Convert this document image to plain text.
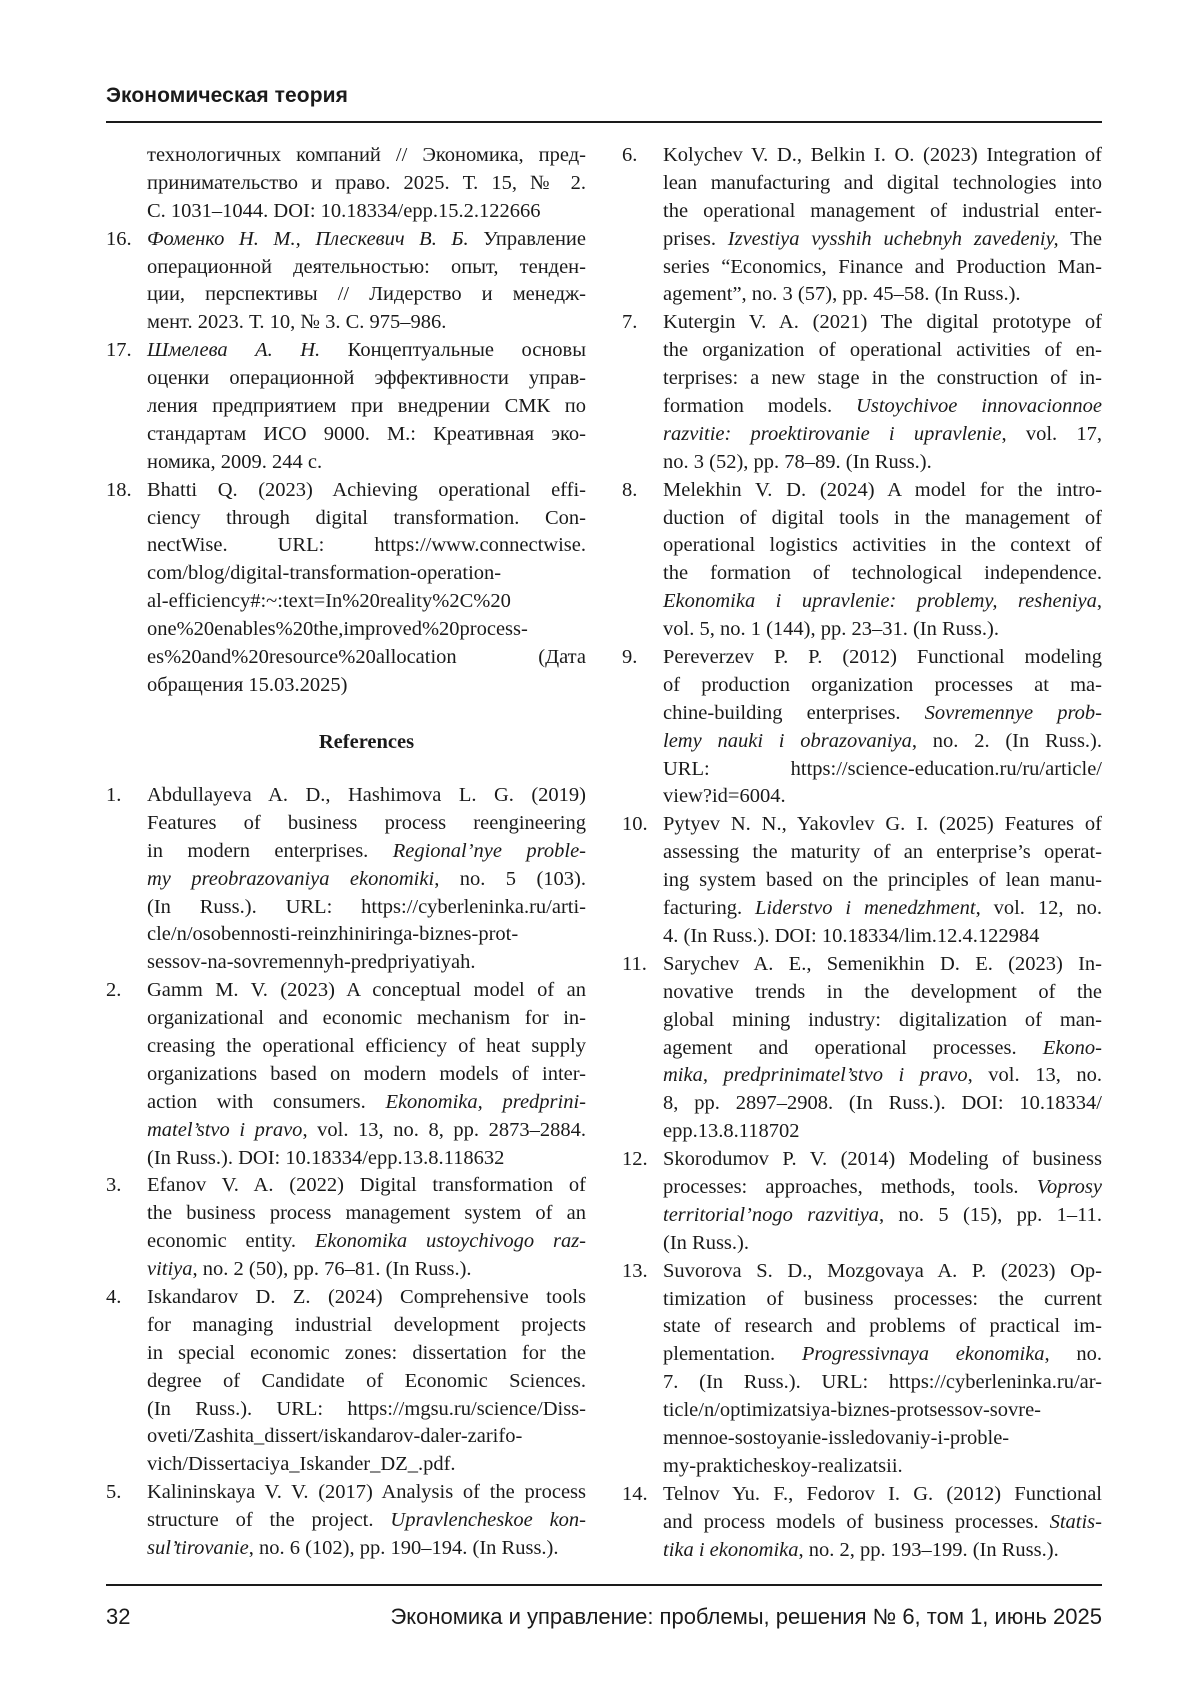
Экономическая теория
технологичных компаний // Экономика, пред-
принимательство и право. 2025. Т. 15, № 2.
С. 1031–1044. DOI: 10.18334/epp.15.2.122666
16. Фоменко Н. М., Плескевич В. Б. Управление
операционной деятельностью: опыт, тенден-
ции, перспективы // Лидерство и менедж-
мент. 2023. Т. 10, № 3. С. 975–986.
17. Шмелева А. Н. Концептуальные основы
оценки операционной эффективности управ-
ления предприятием при внедрении СМК по
стандартам ИСО 9000. М.: Креативная эко-
номика, 2009. 244 с.
18. Bhatti Q. (2023) Achieving operational effi-
ciency through digital transformation. Con-
nectWise. URL: https://www.connectwise.
com/blog/digital-transformation-operation-
al-efficiency#:~:text=In%20reality%2C%20
one%20enables%20the,improved%20process-
es%20and%20resource%20allocation (Дата
обращения 15.03.2025)
References
1. Abdullayeva A. D., Hashimova L. G. (2019)
Features of business process reengineering
in modern enterprises. Regional’nye proble-
my preobrazovaniya ekonomiki, no. 5 (103).
(In Russ.). URL: https://cyberleninka.ru/arti-
cle/n/osobennosti-reinzhiniringa-biznes-prot-
sessov-na-sovremennyh-predpriyatiyah.
2. Gamm M. V. (2023) A conceptual model of an
organizational and economic mechanism for in-
creasing the operational efficiency of heat supply
organizations based on modern models of inter-
action with consumers. Ekonomika, predprini-
matel’stvo i pravo, vol. 13, no. 8, pp. 2873–2884.
(In Russ.). DOI: 10.18334/epp.13.8.118632
3. Efanov V. A. (2022) Digital transformation of
the business process management system of an
economic entity. Ekonomika ustoychivogo raz-
vitiya, no. 2 (50), pp. 76–81. (In Russ.).
4. Iskandarov D. Z. (2024) Comprehensive tools
for managing industrial development projects
in special economic zones: dissertation for the
degree of Candidate of Economic Sciences.
(In Russ.). URL: https://mgsu.ru/science/Diss-
oveti/Zashita_dissert/iskandarov-daler-zarifo-
vich/Dissertaciya_Iskander_DZ_.pdf.
5. Kalininskaya V. V. (2017) Analysis of the process
structure of the project. Upravlencheskoe kon-
sul’tirovanie, no. 6 (102), pp. 190–194. (In Russ.).
6. Kolychev V. D., Belkin I. O. (2023) Integration of
lean manufacturing and digital technologies into
the operational management of industrial enter-
prises. Izvestiya vysshih uchebnyh zavedeniy, The
series “Economics, Finance and Production Man-
agement”, no. 3 (57), pp. 45–58. (In Russ.).
7. Kutergin V. A. (2021) The digital prototype of
the organization of operational activities of en-
terprises: a new stage in the construction of in-
formation models. Ustoychivoe innovacionnoe
razvitie: proektirovanie i upravlenie, vol. 17,
no. 3 (52), pp. 78–89. (In Russ.).
8. Melekhin V. D. (2024) A model for the intro-
duction of digital tools in the management of
operational logistics activities in the context of
the formation of technological independence.
Ekonomika i upravlenie: problemy, resheniya,
vol. 5, no. 1 (144), pp. 23–31. (In Russ.).
9. Pereverzev P. P. (2012) Functional modeling
of production organization processes at ma-
chine-building enterprises. Sovremennye prob-
lemy nauki i obrazovaniya, no. 2. (In Russ.).
URL: https://science-education.ru/ru/article/
view?id=6004.
10. Pytyev N. N., Yakovlev G. I. (2025) Features of
assessing the maturity of an enterprise’s operat-
ing system based on the principles of lean manu-
facturing. Liderstvo i menedzhment, vol. 12, no.
4. (In Russ.). DOI: 10.18334/lim.12.4.122984
11. Sarychev A. E., Semenikhin D. E. (2023) In-
novative trends in the development of the
global mining industry: digitalization of man-
agement and operational processes. Ekono-
mika, predprinimatel’stvo i pravo, vol. 13, no.
8, pp. 2897–2908. (In Russ.). DOI: 10.18334/
epp.13.8.118702
12. Skorodumov P. V. (2014) Modeling of business
processes: approaches, methods, tools. Voprosy
territorial’nogo razvitiya, no. 5 (15), pp. 1–11.
(In Russ.).
13. Suvorova S. D., Mozgovaya A. P. (2023) Op-
timization of business processes: the current
state of research and problems of practical im-
plementation. Progressivnaya ekonomika, no.
7. (In Russ.). URL: https://cyberleninka.ru/ar-
ticle/n/optimizatsiya-biznes-protsessov-sovre-
mennoe-sostoyanie-issledovaniy-i-proble-
my-prakticheskoy-realizatsii.
14. Telnov Yu. F., Fedorov I. G. (2012) Functional
and process models of business processes. Statis-
tika i ekonomika, no. 2, pp. 193–199. (In Russ.).
32	Экономика и управление: проблемы, решения № 6, том 1, июнь 2025
